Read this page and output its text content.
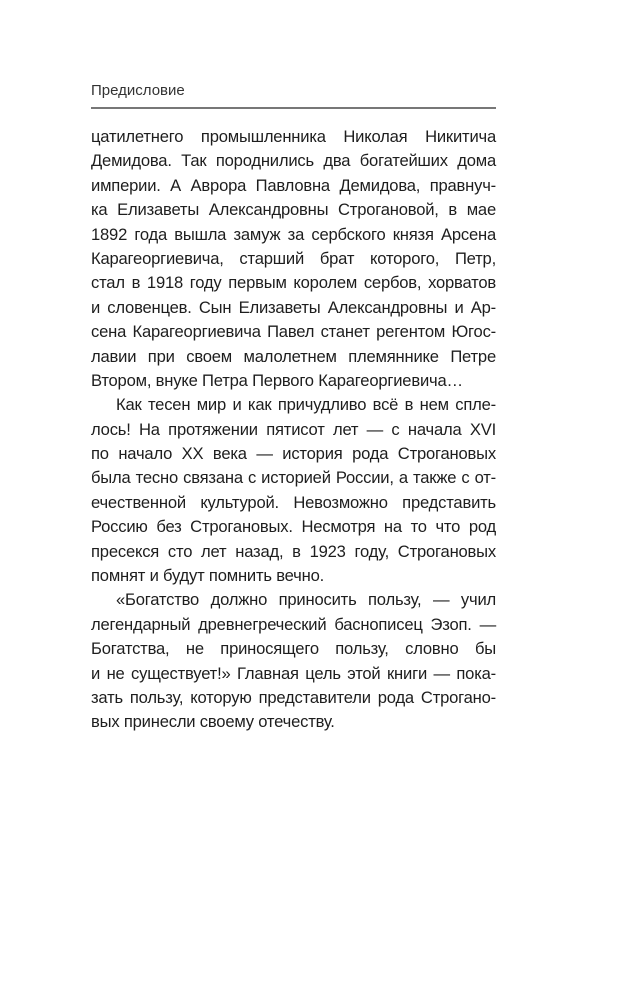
Предисловие
цатилетнего промышленника Николая Никитича
Демидова. Так породнились два богатейших дома
империи. А Аврора Павловна Демидова, правнуч-
ка Елизаветы Александровны Строгановой, в мае
1892 года вышла замуж за сербского князя Арсена
Карагеоргиевича, старший брат которого, Петр,
стал в 1918 году первым королем сербов, хорватов
и словенцев. Сын Елизаветы Александровны и Ар-
сена Карагеоргиевича Павел станет регентом Югос-
лавии при своем малолетнем племяннике Петре
Втором, внуке Петра Первого Карагеоргиевича…
Как тесен мир и как причудливо всё в нем спле-
лось! На протяжении пятисот лет — с начала XVI
по начало XX века — история рода Строгановых
была тесно связана с историей России, а также с от-
ечественной культурой. Невозможно представить
Россию без Строгановых. Несмотря на то что род
пресекся сто лет назад, в 1923 году, Строгановых
помнят и будут помнить вечно.
«Богатство должно приносить пользу, — учил
легендарный древнегреческий баснописец Эзоп. —
Богатства, не приносящего пользу, словно бы
и не существует!» Главная цель этой книги — пока-
зать пользу, которую представители рода Строгано-
вых принесли своему отечеству.
